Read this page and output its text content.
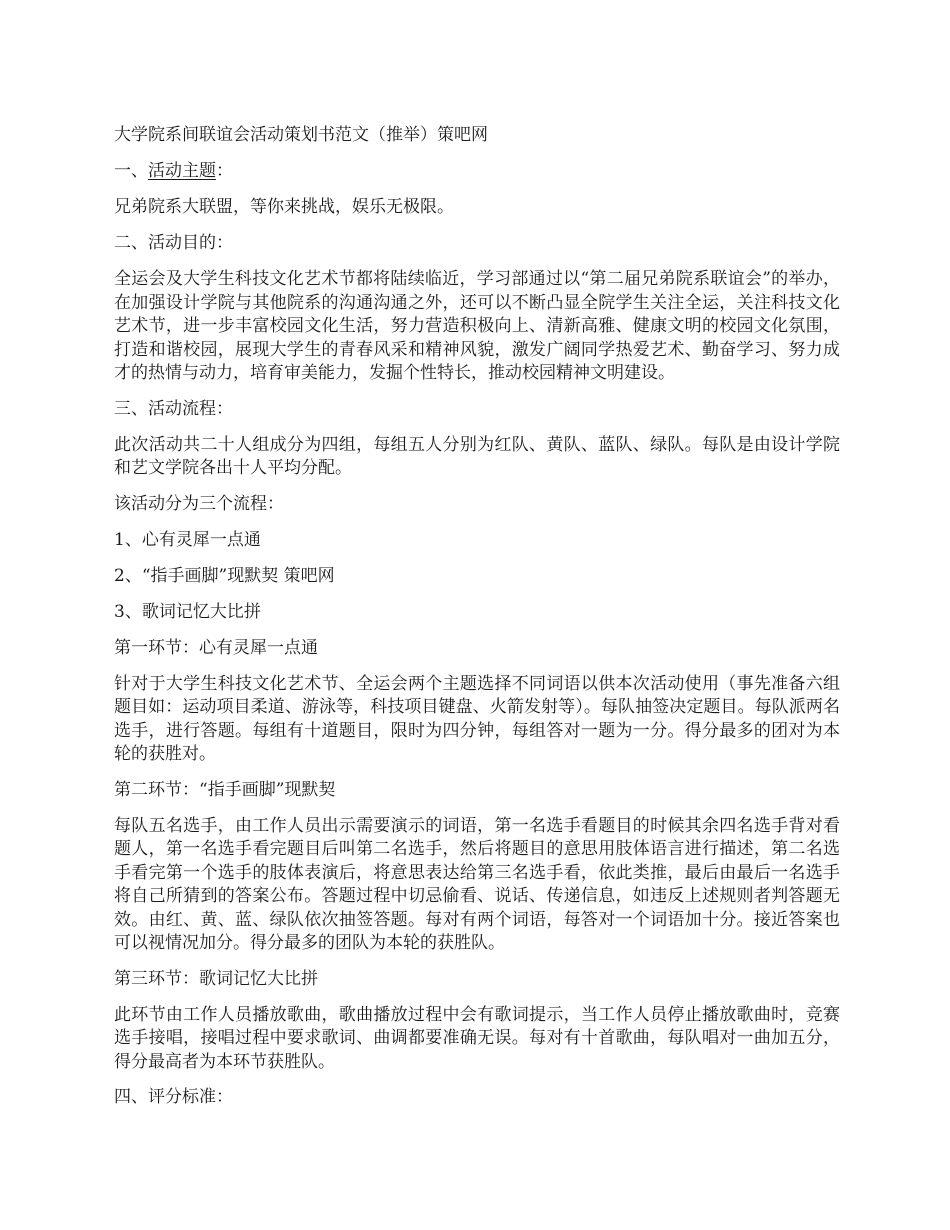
大学院系间联谊会活动策划书范文（推举）策吧网

一、活动主题：

兄弟院系大联盟，等你来挑战，娱乐无极限。

二、活动目的：

全运会及大学生科技文化艺术节都将陆续临近，学习部通过以“第二届兄弟院系联谊会”的举办，在加强设计学院与其他院系的沟通沟通之外，还可以不断凸显全院学生关注全运，关注科技文化艺术节，进一步丰富校园文化生活，努力营造积极向上、清新高雅、健康文明的校园文化氛围，打造和谐校园，展现大学生的青春风采和精神风貌，激发广阔同学热爱艺术、勤奋学习、努力成才的热情与动力，培育审美能力，发掘个性特长，推动校园精神文明建设。

三、活动流程：

此次活动共二十人组成分为四组，每组五人分别为红队、黄队、蓝队、绿队。每队是由设计学院和艺文学院各出十人平均分配。

该活动分为三个流程：

1、心有灵犀一点通

2、“指手画脚”现默契 策吧网

3、歌词记忆大比拼

第一环节：心有灵犀一点通

针对于大学生科技文化艺术节、全运会两个主题选择不同词语以供本次活动使用（事先准备六组题目如：运动项目柔道、游泳等，科技项目键盘、火箭发射等）。每队抽签决定题目。每队派两名选手，进行答题。每组有十道题目，限时为四分钟，每组答对一题为一分。得分最多的团对为本轮的获胜对。

第二环节：“指手画脚”现默契

每队五名选手，由工作人员出示需要演示的词语，第一名选手看题目的时候其余四名选手背对看题人，第一名选手看完题目后叫第二名选手，然后将题目的意思用肢体语言进行描述，第二名选手看完第一个选手的肢体表演后，将意思表达给第三名选手看，依此类推，最后由最后一名选手将自己所猜到的答案公布。答题过程中切忌偷看、说话、传递信息，如违反上述规则者判答题无效。由红、黄、蓝、绿队依次抽签答题。每对有两个词语，每答对一个词语加十分。接近答案也可以视情况加分。得分最多的团队为本轮的获胜队。

第三环节：歌词记忆大比拼

此环节由工作人员播放歌曲，歌曲播放过程中会有歌词提示，当工作人员停止播放歌曲时，竞赛选手接唱，接唱过程中要求歌词、曲调都要准确无误。每对有十首歌曲，每队唱对一曲加五分，得分最高者为本环节获胜队。

四、评分标准：
